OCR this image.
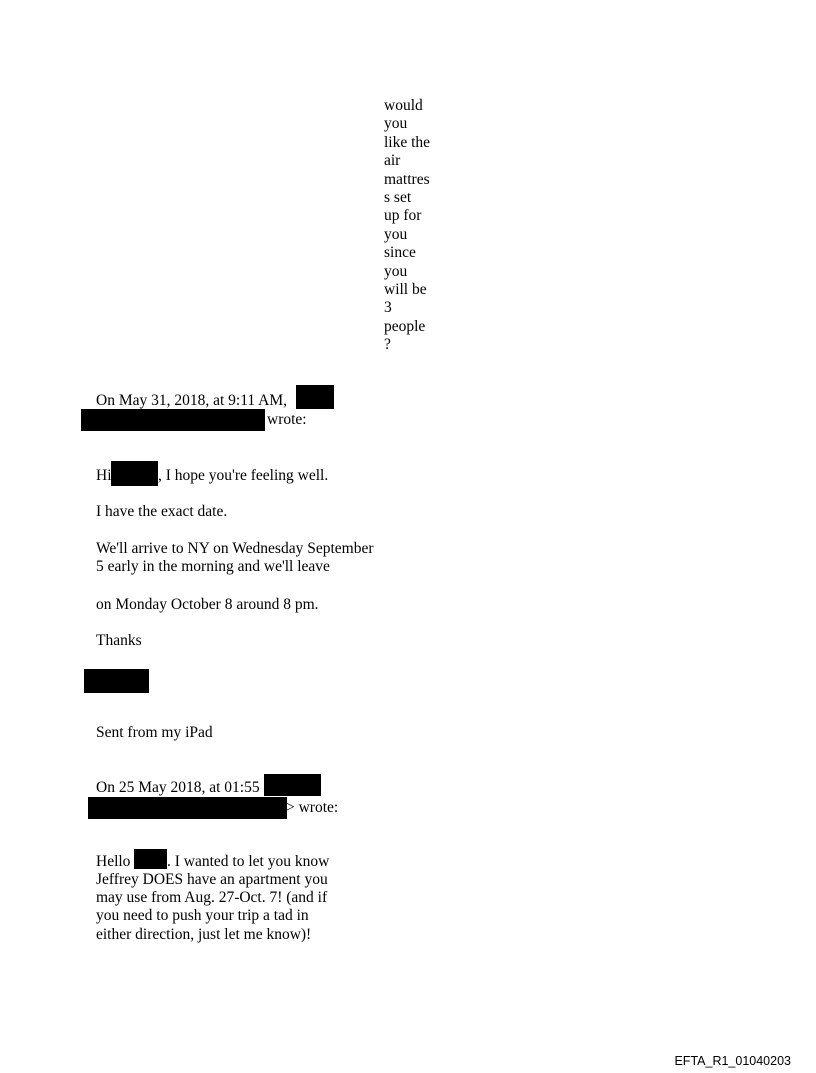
would
you
like the
air
mattres
s set
up for
you
since
you
will be
3
people
?
On May 31, 2018, at 9:11 AM,
wrote:
Hi	, I hope you're feeling well.
I have the exact date.
We'll arrive to NY on Wednesday September
5 early in the morning and we'll leave
on Monday October 8 around 8 pm.
Thanks
Sent from my iPad
On 25 May 2018, at 01:55
> wrote:
Hello . I wanted to let you know
Jeffrey DOES have an apartment you
may use from Aug. 27-Oct. 7! (and if
you need to push your trip a tad in
either direction, just let me know)!
EFTA_R1_01040203
